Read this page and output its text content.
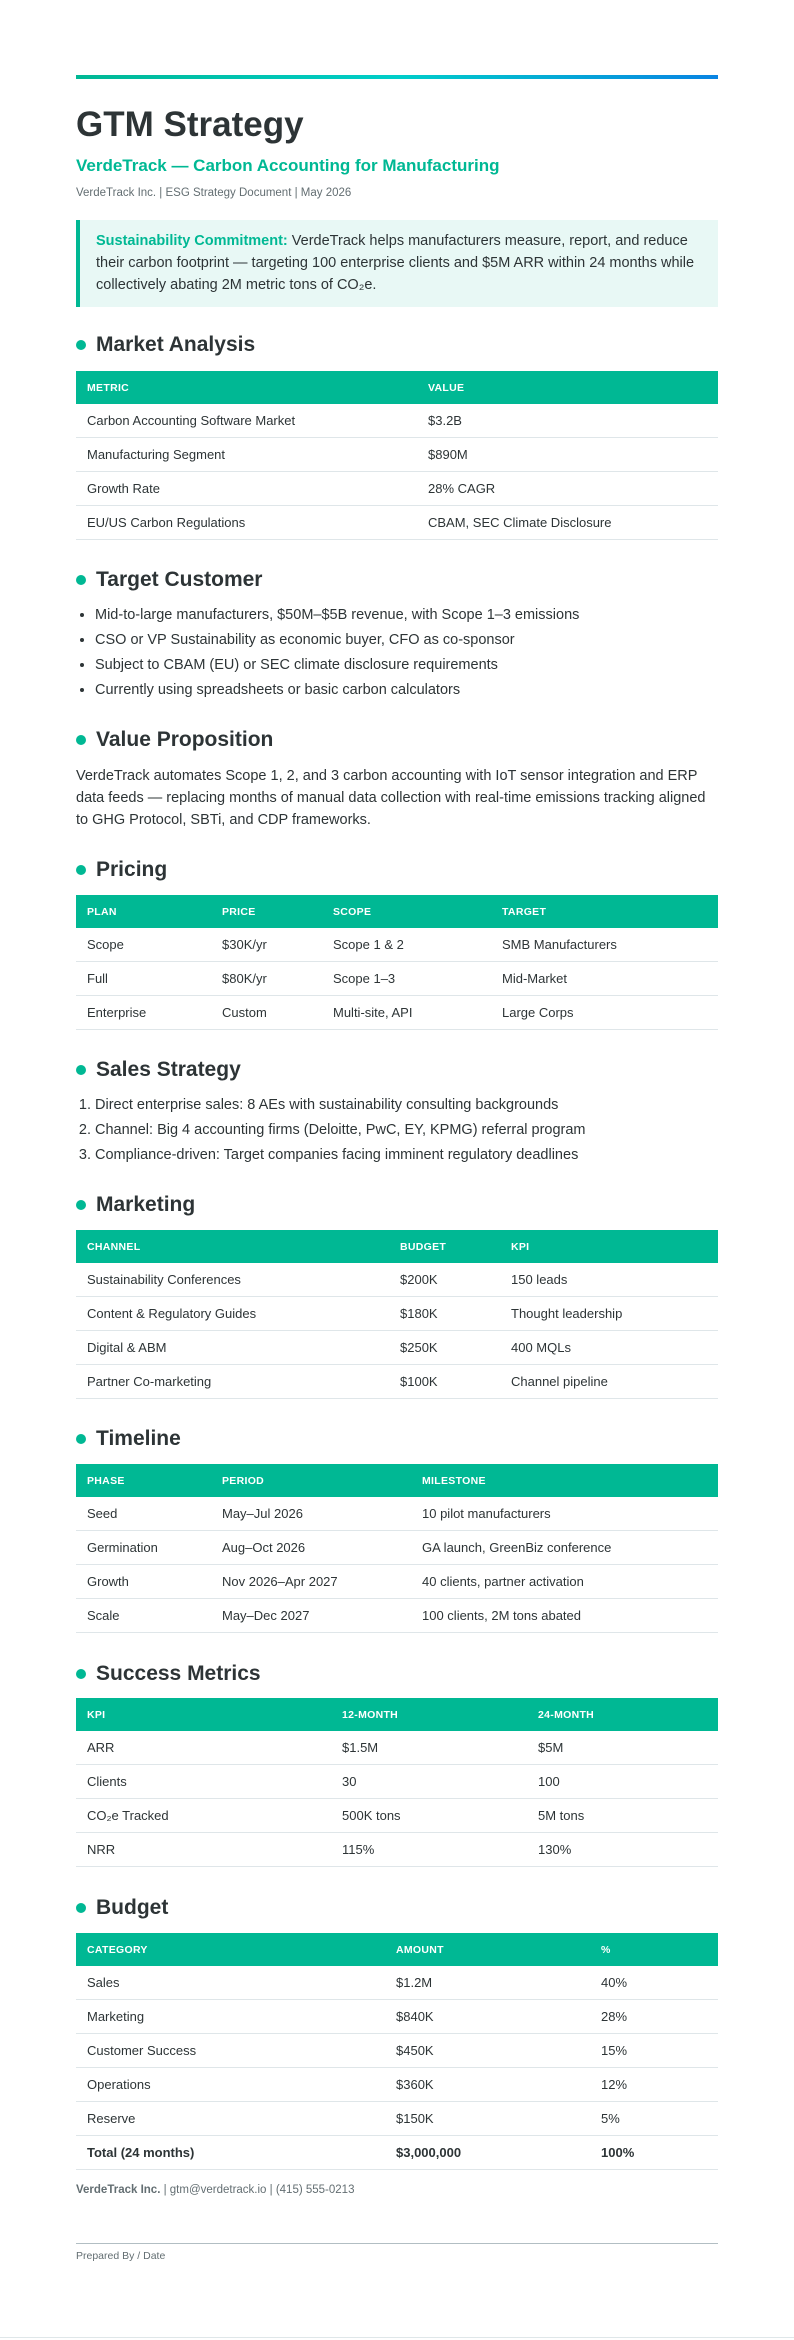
GTM Strategy
VerdeTrack — Carbon Accounting for Manufacturing
VerdeTrack Inc. | ESG Strategy Document | May 2026
Sustainability Commitment: VerdeTrack helps manufacturers measure, report, and reduce their carbon footprint — targeting 100 enterprise clients and $5M ARR within 24 months while collectively abating 2M metric tons of CO₂e.
Market Analysis
METRIC	VALUE
Carbon Accounting Software Market	$3.2B
Manufacturing Segment	$890M
Growth Rate	28% CAGR
EU/US Carbon Regulations	CBAM, SEC Climate Disclosure
Target Customer
• Mid-to-large manufacturers, $50M–$5B revenue, with Scope 1–3 emissions
• CSO or VP Sustainability as economic buyer, CFO as co-sponsor
• Subject to CBAM (EU) or SEC climate disclosure requirements
• Currently using spreadsheets or basic carbon calculators
Value Proposition

VerdeTrack automates Scope 1, 2, and 3 carbon accounting with IoT sensor integration and ERP data feeds — replacing months of manual data collection with real-time emissions tracking aligned to GHG Protocol, SBTi, and CDP frameworks.

Pricing
PLAN	PRICE	SCOPE	TARGET
Scope	$30K/yr	Scope 1 & 2	SMB Manufacturers
Full	$80K/yr	Scope 1–3	Mid-Market
Enterprise	Custom	Multi-site, API	Large Corps
Sales Strategy
1. Direct enterprise sales: 8 AEs with sustainability consulting backgrounds
2. Channel: Big 4 accounting firms (Deloitte, PwC, EY, KPMG) referral program
3. Compliance-driven: Target companies facing imminent regulatory deadlines
Marketing
CHANNEL	BUDGET	KPI
Sustainability Conferences	$200K	150 leads
Content & Regulatory Guides	$180K	Thought leadership
Digital & ABM	$250K	400 MQLs
Partner Co-marketing	$100K	Channel pipeline
Timeline
PHASE	PERIOD	MILESTONE
Seed	May–Jul 2026	10 pilot manufacturers
Germination	Aug–Oct 2026	GA launch, GreenBiz conference
Growth	Nov 2026–Apr 2027	40 clients, partner activation
Scale	May–Dec 2027	100 clients, 2M tons abated
Success Metrics
KPI	12-MONTH	24-MONTH
ARR	$1.5M	$5M
Clients	30	100
CO₂e Tracked	500K tons	5M tons
NRR	115%	130%
Budget
CATEGORY	AMOUNT	%
Sales	$1.2M	40%
Marketing	$840K	28%
Customer Success	$450K	15%
Operations	$360K	12%
Reserve	$150K	5%
Total (24 months)	$3,000,000	100%
VerdeTrack Inc. | gtm@verdetrack.io | (415) 555-0213
Prepared By / Date
